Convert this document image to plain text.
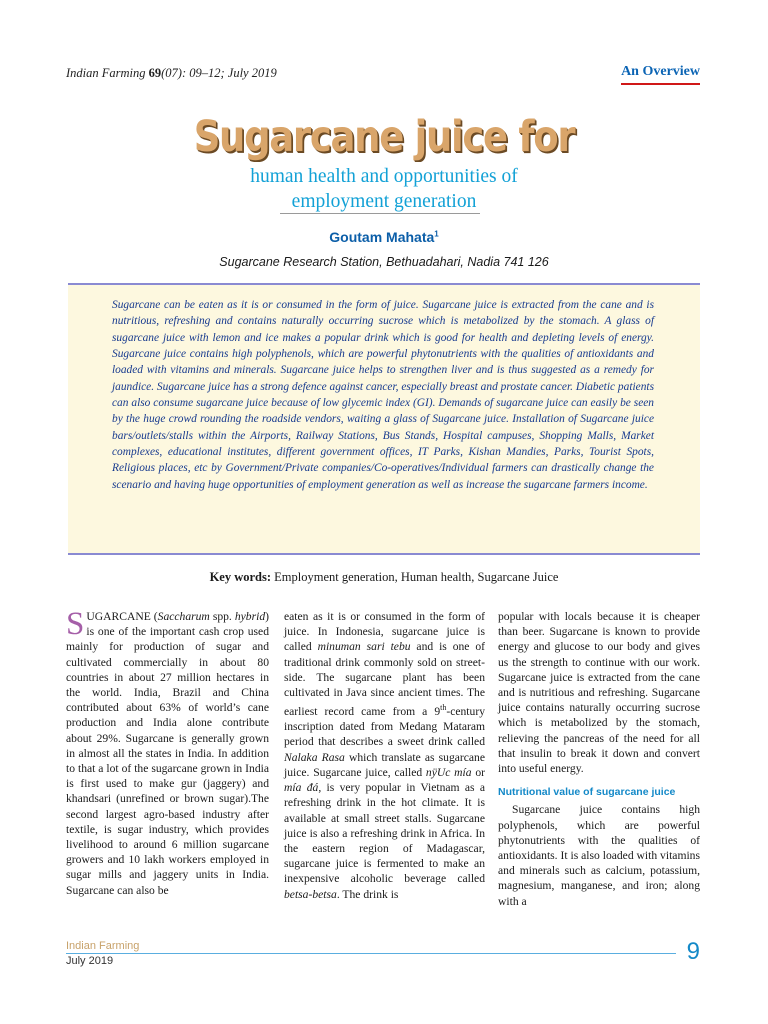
Indian Farming 69(07): 09–12; July 2019	An Overview
Sugarcane juice for
human health and opportunities of
employment generation
Goutam Mahata$^1$
Sugarcane Research Station, Bethuadahari, Nadia 741 126

Sugarcane can be eaten as it is or consumed in the form of juice. Sugarcane juice is extracted from the cane and is nutritious, refreshing and contains naturally occurring sucrose which is metabolized by the stomach. A glass of sugarcane juice with lemon and ice makes a popular drink which is good for health and depleting levels of energy. Sugarcane juice contains high polyphenols, which are powerful phytonutrients with the qualities of antioxidants and loaded with vitamins and minerals. Sugarcane juice helps to strengthen liver and is thus suggested as a remedy for jaundice. Sugarcane juice has a strong defence against cancer, especially breast and prostate cancer. Diabetic patients can also consume sugarcane juice because of low glycemic index (GI). Demands of sugarcane juice can easily be seen by the huge crowd rounding the roadside vendors, waiting a glass of Sugarcane juice. Installation of Sugarcane juice bars/outlets/stalls within the Airports, Railway Stations, Bus Stands, Hospital campuses, Shopping Malls, Market complexes, educational institutes, different government offices, IT Parks, Kishan Mandies, Parks, Tourist Spots, Religious places, etc by Government/Private companies/Co-operatives/Individual farmers can drastically change the scenario and having huge opportunities of employment generation as well as increase the sugarcane farmers income.

Key words: Employment generation, Human health, Sugarcane Juice

SUGARCANE (Saccharum spp. hybrid) is one of the important cash crop used mainly for production of sugar and cultivated commercially in about 80 countries in about 27 million hectares in the world. India, Brazil and China contributed about 63% of world’s cane production and India alone contribute about 29%. Sugarcane is generally grown in almost all the states in India. In addition to that a lot of the sugarcane grown in India is first used to make gur (jaggery) and khandsari (unrefined or brown sugar).The second largest agro-based industry after textile, is sugar industry, which provides livelihood to around 6 million sugarcane growers and 10 lakh workers employed in sugar mills and jaggery units in India. Sugarcane can also be

eaten as it is or consumed in the form of juice. In Indonesia, sugarcane juice is called minuman sari tebu and is one of traditional drink commonly sold on street-side. The sugarcane plant has been cultivated in Java since ancient times. The earliest record came from a 9th-century inscription dated from Medang Mataram period that describes a sweet drink called Nalaka Rasa which translate as sugarcane juice. Sugarcane juice, called nÿUc mía or mía đá, is very popular in Vietnam as a refreshing drink in the hot climate. It is available at small street stalls. Sugarcane juice is also a refreshing drink in Africa. In the eastern region of Madagascar, sugarcane juice is fermented to make an inexpensive alcoholic beverage called betsa-betsa. The drink is

popular with locals because it is cheaper than beer. Sugarcane is known to provide energy and glucose to our body and gives us the strength to continue with our work. Sugarcane juice is extracted from the cane and is nutritious and refreshing. Sugarcane juice contains naturally occurring sucrose which is metabolized by the stomach, relieving the pancreas of the need for all that insulin to break it down and convert into useful energy.

Nutritional value of sugarcane juice

Sugarcane juice contains high polyphenols, which are powerful phytonutrients with the qualities of antioxidants. It is also loaded with vitamins and minerals such as calcium, potassium, magnesium, manganese, and iron; along with a

Indian Farming
July 2019	9
